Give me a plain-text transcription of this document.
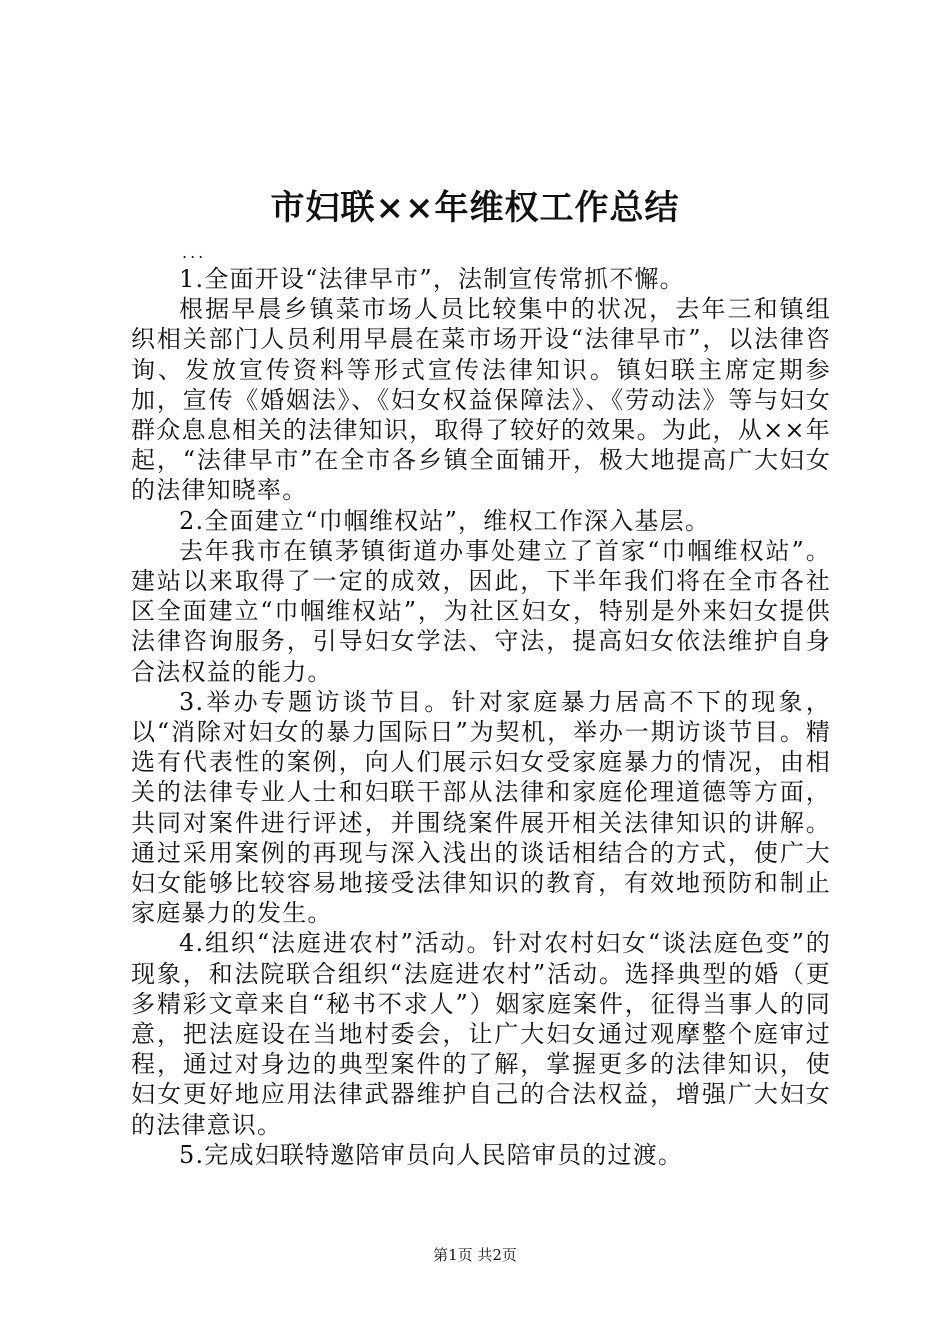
市妇联××年维权工作总结
...

1.全面开设“法律早市”，法制宣传常抓不懈。

根据早晨乡镇菜市场人员比较集中的状况，去年三和镇组织相关部门人员利用早晨在菜市场开设“法律早市”，以法律咨询、发放宣传资料等形式宣传法律知识。镇妇联主席定期参加，宣传《婚姻法》、《妇女权益保障法》、《劳动法》等与妇女群众息息相关的法律知识，取得了较好的效果。为此，从××年起，“法律早市”在全市各乡镇全面铺开，极大地提高广大妇女的法律知晓率。

2.全面建立“巾帼维权站”，维权工作深入基层。

去年我市在镇茅镇街道办事处建立了首家“巾帼维权站”。建站以来取得了一定的成效，因此，下半年我们将在全市各社区全面建立“巾帼维权站”，为社区妇女，特别是外来妇女提供法律咨询服务，引导妇女学法、守法，提高妇女依法维护自身合法权益的能力。

3.举办专题访谈节目。针对家庭暴力居高不下的现象，以“消除对妇女的暴力国际日”为契机，举办一期访谈节目。精选有代表性的案例，向人们展示妇女受家庭暴力的情况，由相关的法律专业人士和妇联干部从法律和家庭伦理道德等方面，共同对案件进行评述，并围绕案件展开相关法律知识的讲解。通过采用案例的再现与深入浅出的谈话相结合的方式，使广大妇女能够比较容易地接受法律知识的教育，有效地预防和制止家庭暴力的发生。

4.组织“法庭进农村”活动。针对农村妇女“谈法庭色变”的现象，和法院联合组织“法庭进农村”活动。选择典型的婚（更多精彩文章来自“秘书不求人”）姻家庭案件，征得当事人的同意，把法庭设在当地村委会，让广大妇女通过观摩整个庭审过程，通过对身边的典型案件的了解，掌握更多的法律知识，使妇女更好地应用法律武器维护自己的合法权益，增强广大妇女的法律意识。

5.完成妇联特邀陪审员向人民陪审员的过渡。

第1页 共2页
